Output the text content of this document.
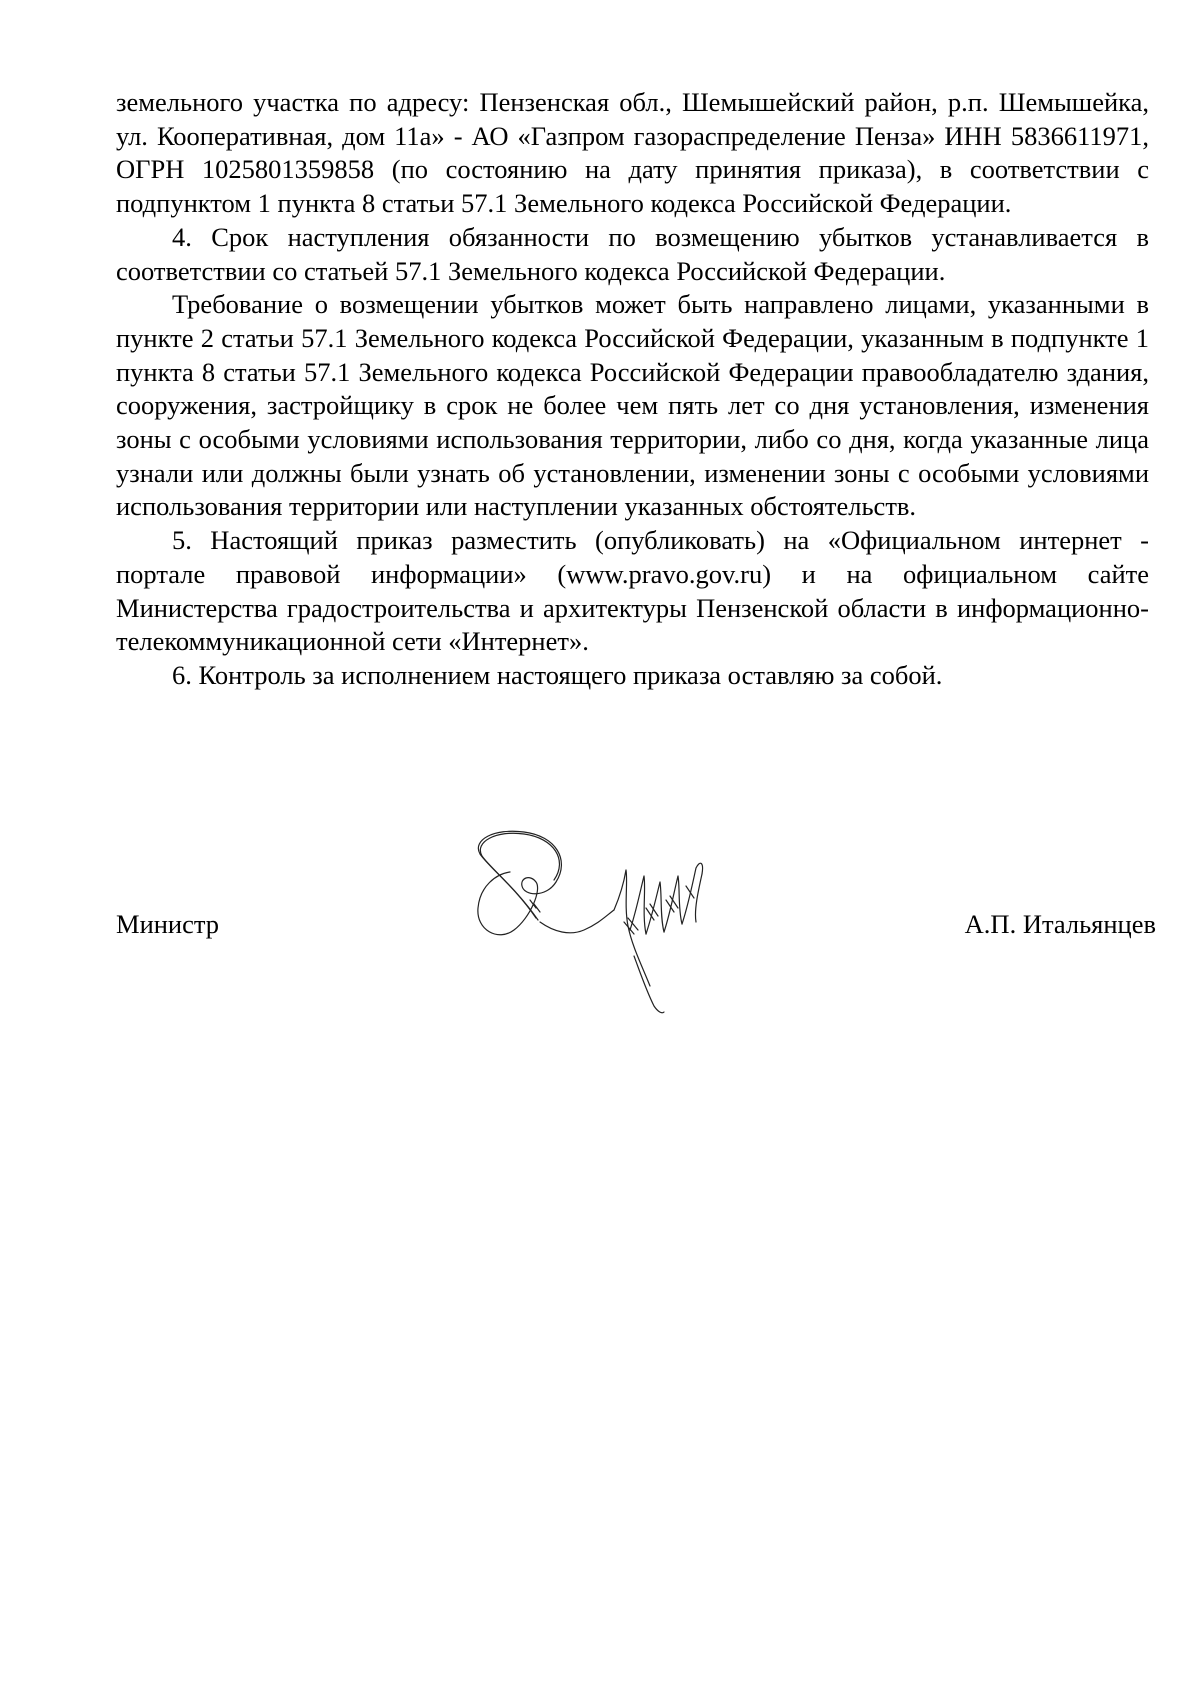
земельного участка по адресу: Пензенская обл., Шемышейский район, р.п. Шемышейка, ул. Кооперативная, дом 11а» - АО «Газпром газораспределение Пенза» ИНН 5836611971, ОГРН 1025801359858 (по состоянию на дату принятия приказа), в соответствии с подпунктом 1 пункта 8 статьи 57.1 Земельного кодекса Российской Федерации.

4. Срок наступления обязанности по возмещению убытков устанавливается в соответствии со статьей 57.1 Земельного кодекса Российской Федерации.

Требование о возмещении убытков может быть направлено лицами, указанными в пункте 2 статьи 57.1 Земельного кодекса Российской Федерации, указанным в подпункте 1 пункта 8 статьи 57.1 Земельного кодекса Российской Федерации правообладателю здания, сооружения, застройщику в срок не более чем пять лет со дня установления, изменения зоны с особыми условиями использования территории, либо со дня, когда указанные лица узнали или должны были узнать об установлении, изменении зоны с особыми условиями использования территории или наступлении указанных обстоятельств.

5. Настоящий приказ разместить (опубликовать) на «Официальном интернет - портале правовой информации» (www.pravo.gov.ru) и на официальном сайте Министерства градостроительства и архитектуры Пензенской области в информационно-телекоммуникационной сети «Интернет».

6. Контроль за исполнением настоящего приказа оставляю за собой.

Министр	А.П. Итальянцев
